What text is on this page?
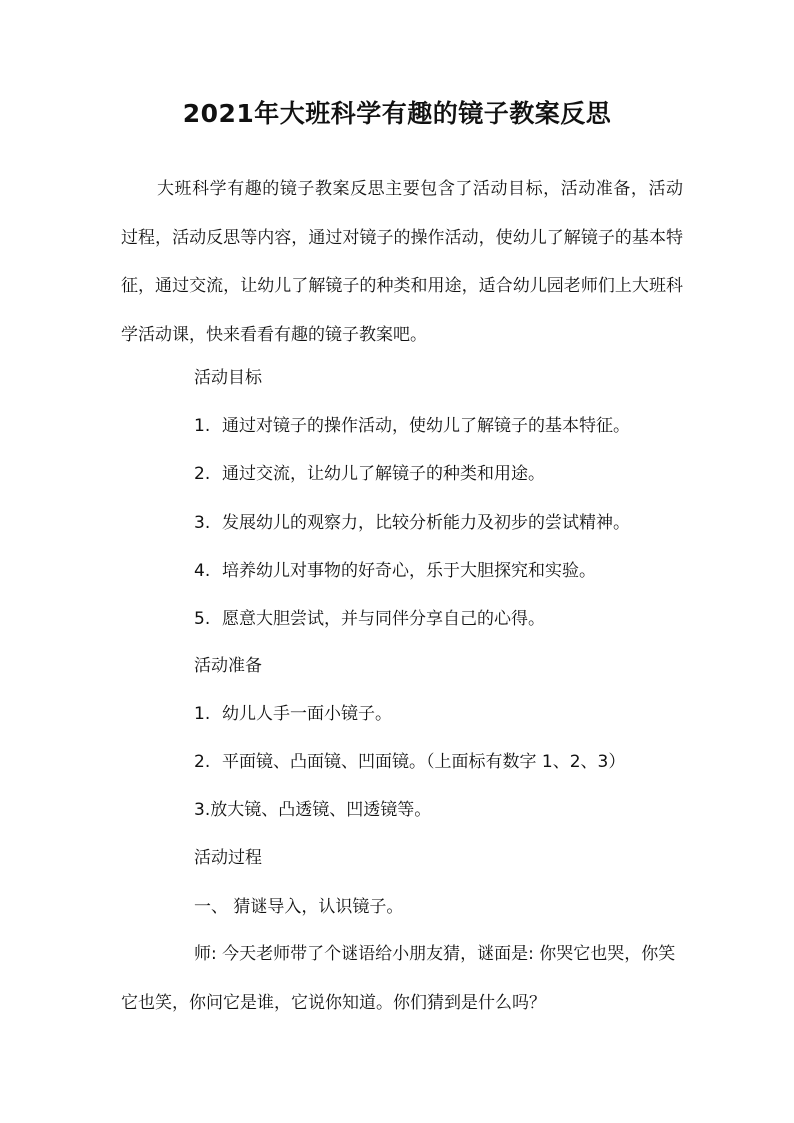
2021年大班科学有趣的镜子教案反思

大班科学有趣的镜子教案反思主要包含了活动目标，活动准备，活动过程，活动反思等内容，通过对镜子的操作活动，使幼儿了解镜子的基本特征，通过交流，让幼儿了解镜子的种类和用途，适合幼儿园老师们上大班科学活动课，快来看看有趣的镜子教案吧。

活动目标
1. 通过对镜子的操作活动，使幼儿了解镜子的基本特征。
2. 通过交流，让幼儿了解镜子的种类和用途。
3. 发展幼儿的观察力，比较分析能力及初步的尝试精神。
4. 培养幼儿对事物的好奇心，乐于大胆探究和实验。
5. 愿意大胆尝试，并与同伴分享自己的心得。
活动准备
1. 幼儿人手一面小镜子。
2. 平面镜、凸面镜、凹面镜。（上面标有数字 1、2、3）
3.放大镜、凸透镜、凹透镜等。
活动过程
一、 猜谜导入，认识镜子。

师: 今天老师带了个谜语给小朋友猜，谜面是: 你哭它也哭，你笑它也笑，你问它是谁，它说你知道。你们猜到是什么吗？
